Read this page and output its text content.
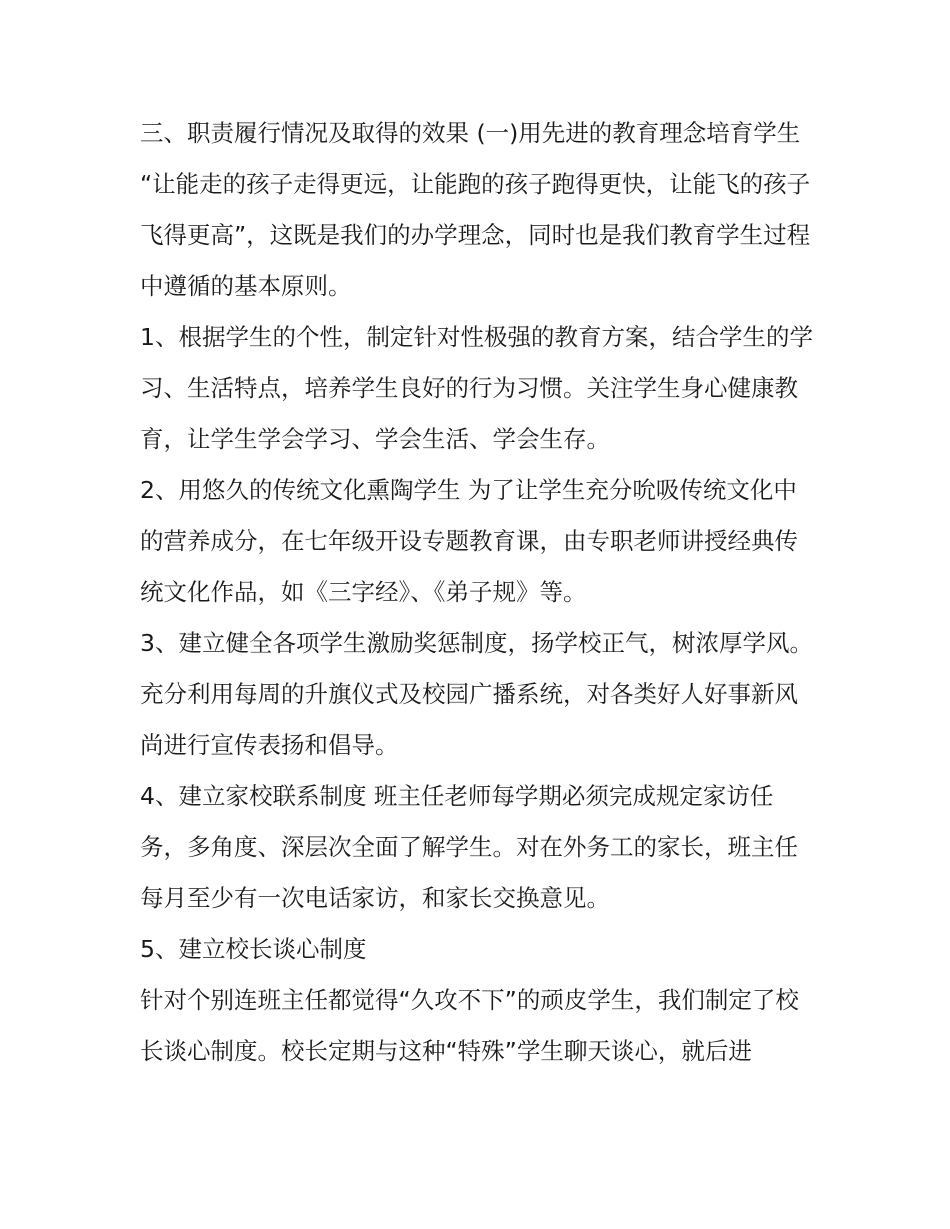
三、职责履行情况及取得的效果 (一)用先进的教育理念培育学生

“让能走的孩子走得更远，让能跑的孩子跑得更快，让能飞的孩子飞得更高”，这既是我们的办学理念，同时也是我们教育学生过程中遵循的基本原则。

1、根据学生的个性，制定针对性极强的教育方案，结合学生的学习、生活特点，培养学生良好的行为习惯。关注学生身心健康教育，让学生学会学习、学会生活、学会生存。

2、用悠久的传统文化熏陶学生 为了让学生充分吮吸传统文化中的营养成分，在七年级开设专题教育课，由专职老师讲授经典传统文化作品，如《三字经》、《弟子规》等。

3、建立健全各项学生激励奖惩制度，扬学校正气，树浓厚学风。充分利用每周的升旗仪式及校园广播系统，对各类好人好事新风尚进行宣传表扬和倡导。

4、建立家校联系制度 班主任老师每学期必须完成规定家访任务，多角度、深层次全面了解学生。对在外务工的家长，班主任每月至少有一次电话家访，和家长交换意见。

5、建立校长谈心制度

针对个别连班主任都觉得“久攻不下”的顽皮学生，我们制定了校长谈心制度。校长定期与这种“特殊”学生聊天谈心，就后进
